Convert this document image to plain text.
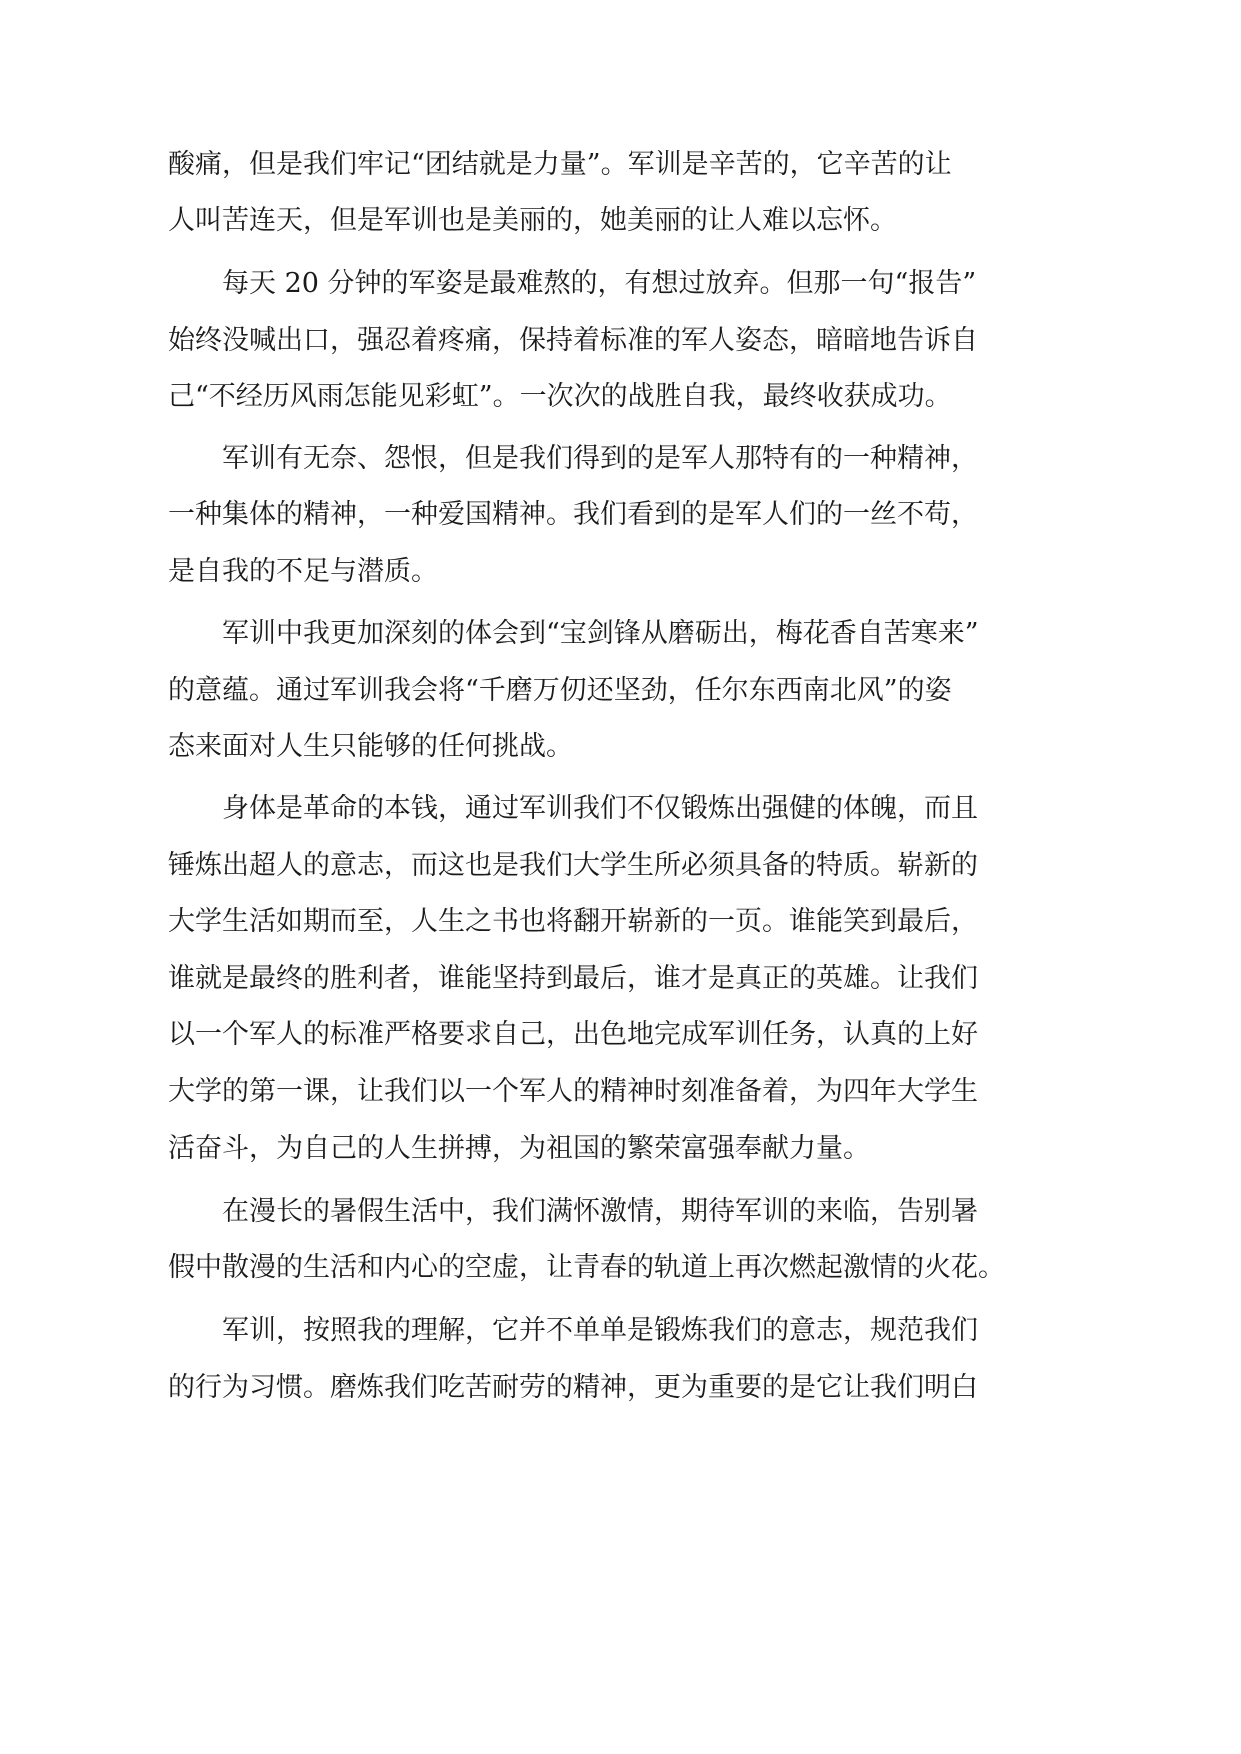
酸痛，但是我们牢记“团结就是力量”。军训是辛苦的，它辛苦的让
人叫苦连天，但是军训也是美丽的，她美丽的让人难以忘怀。
每天 20 分钟的军姿是最难熬的，有想过放弃。但那一句“报告”
始终没喊出口，强忍着疼痛，保持着标准的军人姿态，暗暗地告诉自
己“不经历风雨怎能见彩虹”。一次次的战胜自我，最终收获成功。
军训有无奈、怨恨，但是我们得到的是军人那特有的一种精神，
一种集体的精神，一种爱国精神。我们看到的是军人们的一丝不苟，
是自我的不足与潜质。
军训中我更加深刻的体会到“宝剑锋从磨砺出，梅花香自苦寒来”
的意蕴。通过军训我会将“千磨万仞还坚劲，任尔东西南北风”的姿
态来面对人生只能够的任何挑战。
身体是革命的本钱，通过军训我们不仅锻炼出强健的体魄，而且
锤炼出超人的意志，而这也是我们大学生所必须具备的特质。崭新的
大学生活如期而至，人生之书也将翻开崭新的一页。谁能笑到最后，
谁就是最终的胜利者，谁能坚持到最后，谁才是真正的英雄。让我们
以一个军人的标准严格要求自己，出色地完成军训任务，认真的上好
大学的第一课，让我们以一个军人的精神时刻准备着，为四年大学生
活奋斗，为自己的人生拼搏，为祖国的繁荣富强奉献力量。
在漫长的暑假生活中，我们满怀激情，期待军训的来临，告别暑
假中散漫的生活和内心的空虚，让青春的轨道上再次燃起激情的火花。
军训，按照我的理解，它并不单单是锻炼我们的意志，规范我们
的行为习惯。磨炼我们吃苦耐劳的精神，更为重要的是它让我们明白
